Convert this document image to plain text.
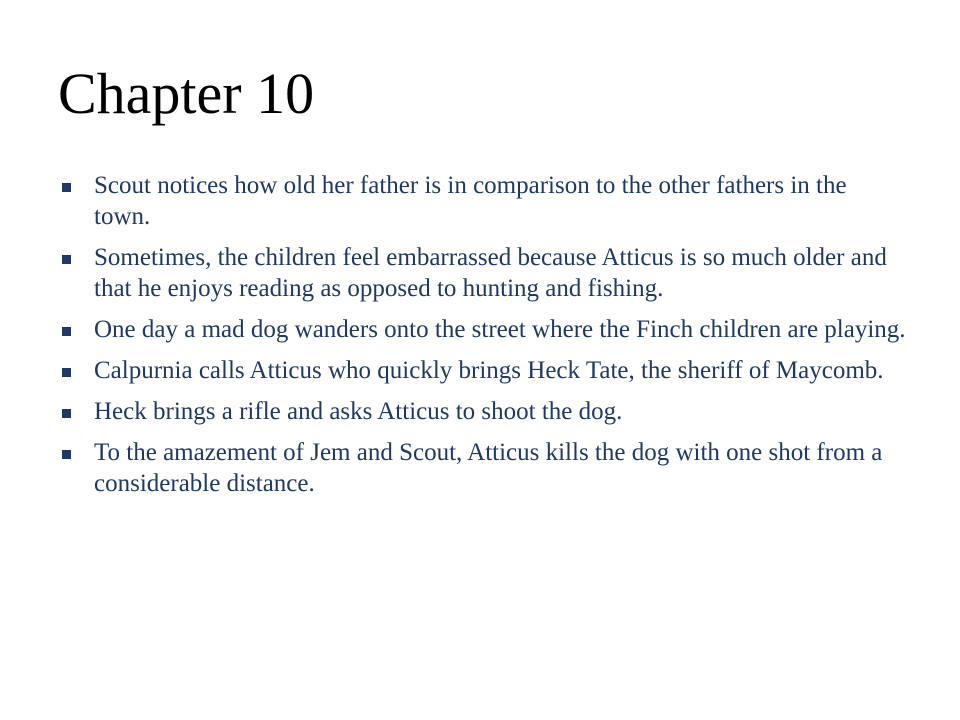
Chapter 10
Scout notices how old her father is in comparison to the other fathers in the town.
Sometimes, the children feel embarrassed because Atticus is so much older and that he enjoys reading as opposed to hunting and fishing.
One day a mad dog wanders onto the street where the Finch children are playing.
Calpurnia calls Atticus who quickly brings Heck Tate, the sheriff of Maycomb.
Heck brings a rifle and asks Atticus to shoot the dog.
To the amazement of Jem and Scout, Atticus kills the dog with one shot from a considerable distance.
